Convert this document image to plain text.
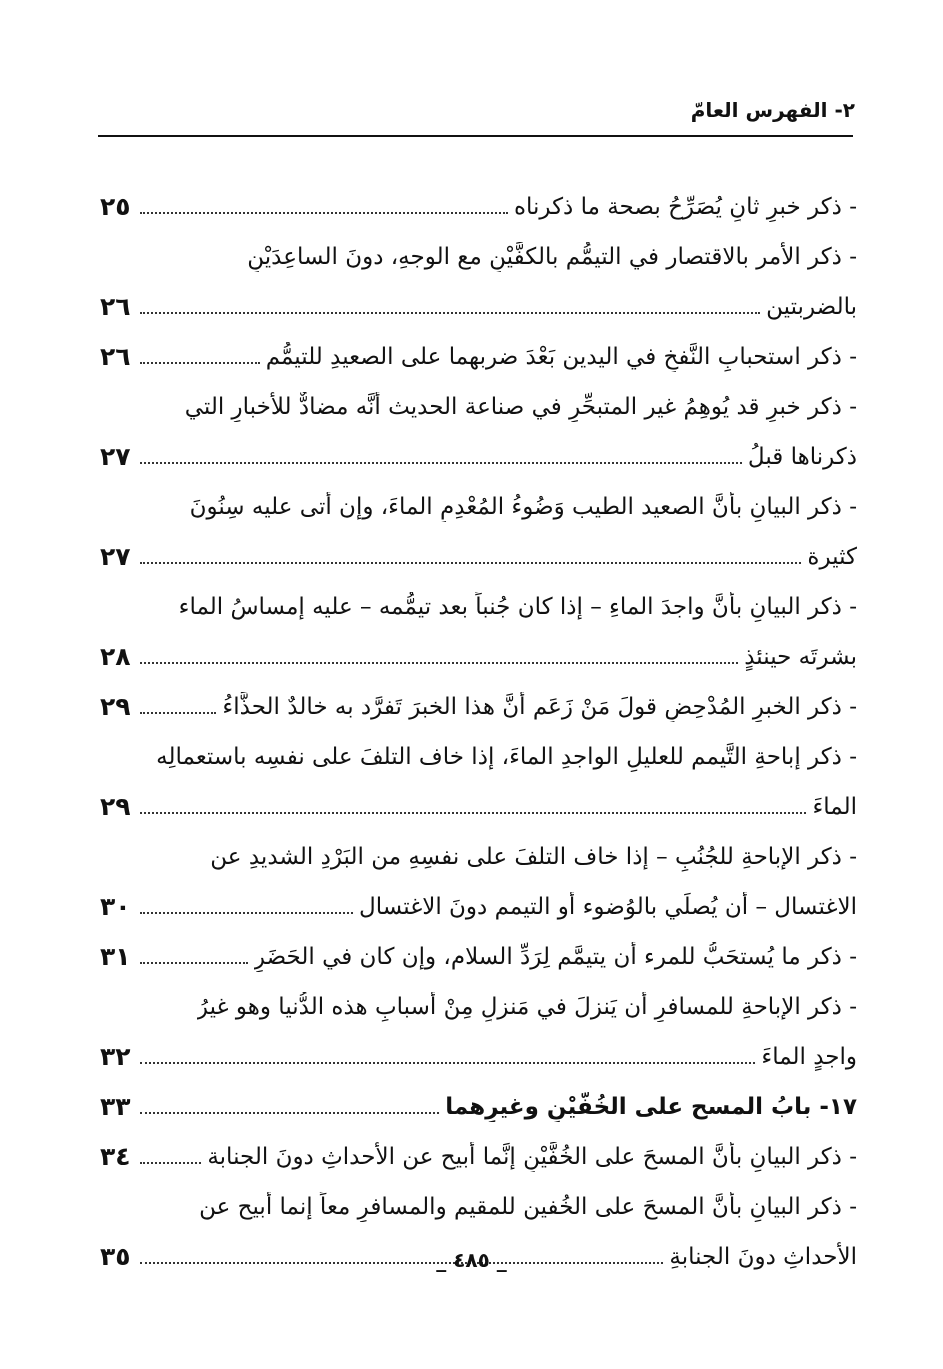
٢- الفهرس العامّ
- ذكر خبرٍ ثانٍ يُصَرِّحُ بصحة ما ذكرناه
٢٥
- ذكر الأمر بالاقتصار في التيمُّم بالكفَّيْنِ مع الوجهِ، دونَ الساعِدَيْنِ
بالضربتين
٢٦
- ذكر استحبابِ النَّفخِ في اليدين بَعْدَ ضربهما على الصعيدِ للتيمُّم
٢٦
- ذكر خبرٍ قد يُوهِمُ غير المتبحِّرِ في صناعة الحديث أنَّه مضادٌّ للأخبارِ التي
ذكرناها قبلُ
٢٧
- ذكر البيانِ بأنَّ الصعيد الطيب وَضُوءُ المُعْدِمِ الماءَ، وإن أتى عليه سِنُونَ
كثيرة
٢٧
- ذكر البيانِ بأنَّ واجدَ الماءِ – إذا كان جُنباً بعد تيمُّمه – عليه إمساسُ الماء
بشرتَه حينئذٍ
٢٨
- ذكر الخبرِ المُدْحِضِ قولَ مَنْ زَعَم أنَّ هذا الخبرَ تَفرَّد به خالدٌ الحذَّاءُ
٢٩
- ذكر إباحةِ التَّيمم للعليلِ الواجدِ الماءَ، إذا خاف التلفَ على نفسِه باستعمالِه
الماءَ
٢٩
- ذكر الإباحةِ للجُنُبِ – إذا خاف التلفَ على نفسِهِ من البَرْدِ الشديدِ عن
الاغتسال – أن يُصلِّي بالوُضوء أو التيمم دونَ الاغتسال
٣٠
- ذكر ما يُستحَبُّ للمرء أن يتيمَّم لِرَدِّ السلام، وإن كان في الحَضَرِ
٣١
- ذكر الإباحةِ للمسافرِ أن يَنزلَ في مَنزلٍ مِنْ أسبابِ هذه الدُّنيا وهو غيرُ
واجدٍ الماءَ
٣٢
١٧- بابُ المسح على الخُفَّيْنِ وغيرِهما
٣٣
- ذكر البيانِ بأنَّ المسحَ على الخُفَّيْنِ إنَّما أُبيح عن الأحداثِ دونَ الجنابة
٣٤
- ذكر البيانِ بأنَّ المسحَ على الخُفين للمقيم والمسافرِ معاً إنما أُبيح عن
الأحداثِ دونَ الجنابةِ
٣٥	_ ٤٨٥ _
